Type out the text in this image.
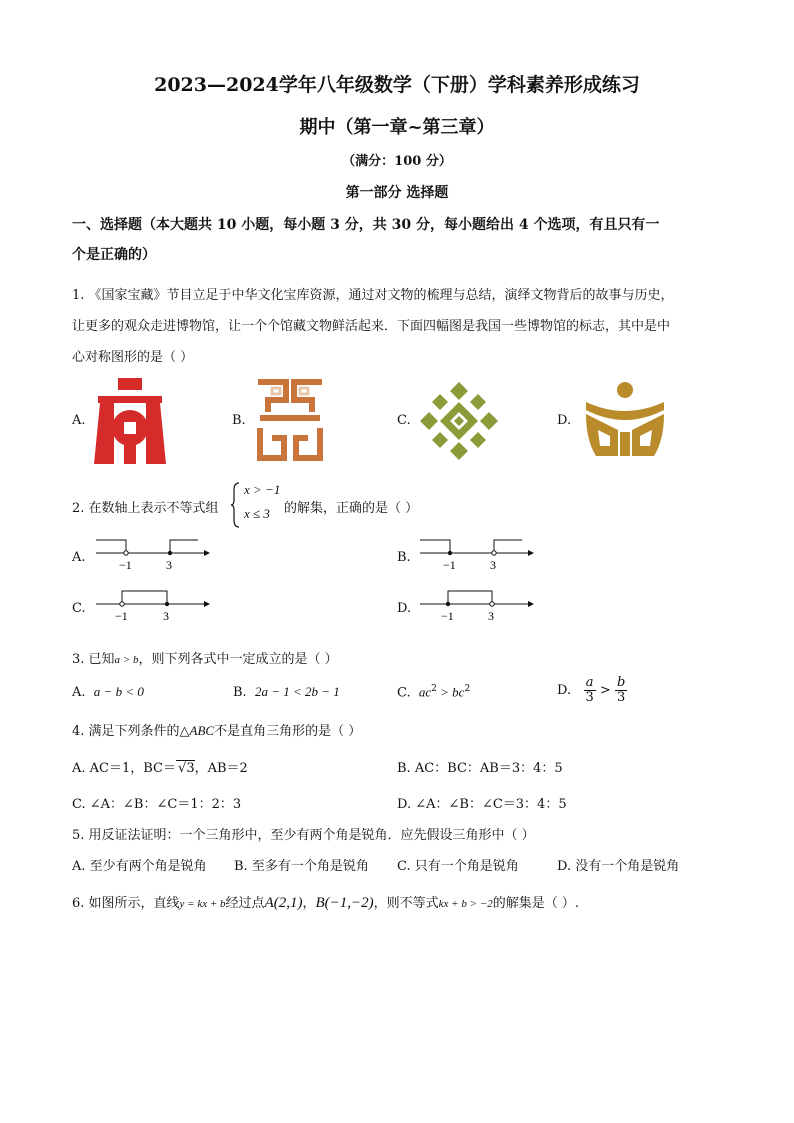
2023—2024学年八年级数学（下册）学科素养形成练习
期中（第一章~第三章）
（满分：100 分）
第一部分 选择题
一、选择题（本大题共 10 小题，每小题 3 分，共 30 分，每小题给出 4 个选项，有且只有一
个是正确的）
1. 《国家宝藏》节目立足于中华文化宝库资源，通过对文物的梳理与总结，演绎文物背后的故事与历史，
让更多的观众走进博物馆，让一个个馆藏文物鲜活起来．下面四幅图是我国一些博物馆的标志，其中是中
心对称图形的是（ ）
A.	B.	C.	D.
2. 在数轴上表示不等式组
x > −1
x ≤ 3 的解集，正确的是（ ）
A.	−1	3	B.	−1	3
C. −1	3	D. −1	3
3. 已知a > b，则下列各式中一定成立的是（ ）
A. a − b < 0	B. 2a − 1 < 2b − 1	C. $ac^2 > bc^2$	D. $\frac{a}{3} > \frac{b}{3}$
4. 满足下列条件的△ABC不是直角三角形的是（ ）
A. AC＝1，BC＝ √3，AB＝2	B. AC：BC：AB＝3：4：5
C. ∠A：∠B：∠C＝1：2：3	D. ∠A：∠B：∠C＝3：4：5
5. 用反证法证明：一个三角形中，至少有两个角是锐角．应先假设三角形中（ ）
A. 至少有两个角是锐角 B. 至多有一个角是锐角 C. 只有一个角是锐角	D. 没有一个角是锐角
6. 如图所示，直线y = kx + b经过点A(2,1)，B(−1,−2)，则不等式kx + b > −2的解集是（ ）.
